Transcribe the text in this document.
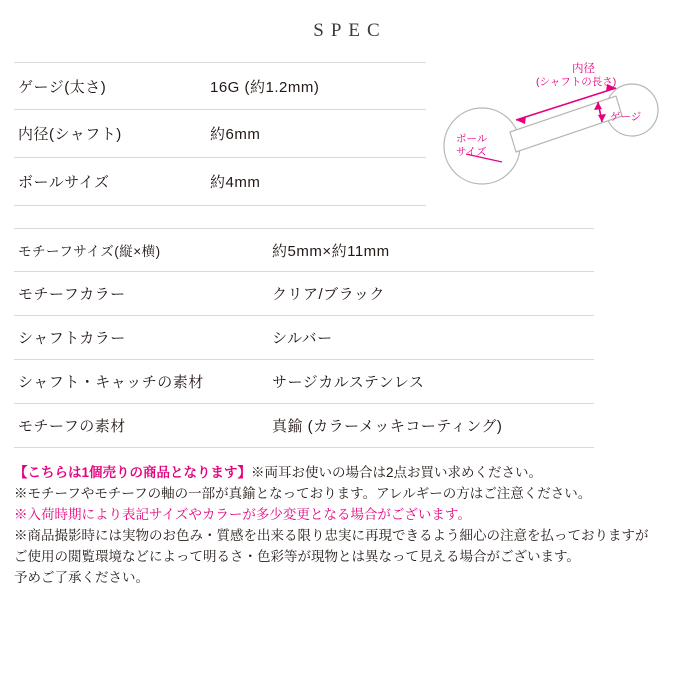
SPEC
ゲージ(太さ)	16G (約1.2mm)
内径(シャフト)	約6mm
ボールサイズ	約4mm
モチーフサイズ(縦×横)	約5mm×約11mm
モチーフカラー	クリア/ブラック
シャフトカラー	シルバー
シャフト・キャッチの素材	サージカルステンレス
モチーフの素材	真鍮 (カラーメッキコーティング)
内径
(シャフトの長さ)
ゲージ
ボール
サイズ
【こちらは1個売りの商品となります】 ※両耳お使いの場合は2点お買い求めください。
※モチーフやモチーフの軸の一部が真鍮となっております。アレルギーの方はご注意ください。
※入荷時期により表記サイズやカラーが多少変更となる場合がございます。
※商品撮影時には実物のお色み・質感を出来る限り忠実に再現できるよう細心の注意を払っておりますが
ご使用の閲覧環境などによって明るさ・色彩等が現物とは異なって見える場合がございます。
予めご了承ください。
